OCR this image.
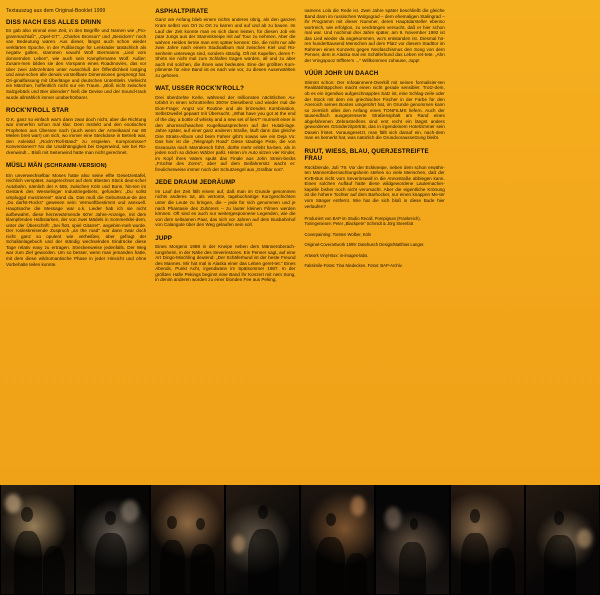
Textauszug aus dem Original-Booklet 1999

DISS NACH ESS ALLES DRINN

Es gab also einmal eine Zeit, in den Begriffe und Namen wie „Pro-grammachluß", „Opel-GT", „Charles Bronson" und „Benidorm" noch van Bedeutung waren. Aus dieser, längst auch schon wieder verklärten Epoche, in der Fußbezüge für Lenkräder tatsächlich als negativ galten, stammen sowohl Wolf Biermanns „Lied vom donnernden Leben", wie auch sein Kampfername Wolf. Außer: Zusam-men bilden sie den Vorspann eines Roadmovies, das vor über zwei Jahrzehnten unter Ausschluß der Öffentlichkeit lostging und anwi-schen alle denals vorstellbare Dimensionen gesprengt hat. Ori-ginalfassung mit Überlänge und deutschen Untertiteln. Vielleicht ein Märchen, hoffentlich nicht nur ein Traum. „Bloß nicht zwischen Salzgebäck und Bier abenden" hieß die Devise und der Sound-track wurde allmählich immer unüberhörbarer.

ROCK'N'ROLL STAR

O.K. ganz so einfach war's dann zwar doch nicht, aber die Richtung war immerhin schon mal klar: Dem Instinkt und den exotischen Propheten aus Übersee nach (auch wenn der Armeikanal nur 80 Meilen breit war!) um sich, wo immer eine Steckdose in Betrieb war, den Asleistid „Rock'n'Roll-Band" zu erspielen. Kompromisse? Konventionen? No da! Unabhängigkeit bei Gegenwind, wie bei Rü-ckenwind!... Bloß mit Seitenwind hatte man nicht gerechnet.

MÜSLI MÄN (SCHRAMM-VERSION)

Ein unverwechselbar Moses hatte also seine elfte Gesetzestafel, reichlich verspätet, ausgerechnet auf dem ältesten Stück deut-scher Autobahn, nämlich der A 555, zwischen Köln und Bonn, hin-ten im Gestank des Wesselinger Industriegebiets, gefunden: „Du sollst umpluggd musizieren!" stand da. Das muß die Geburtsstun-de des „Du darfst-Rocks" gewesen sein: Vernunftbestimmt und asexuell. Hauptsache die Message war o.k. Lieder hab ich sie nicht aufbewahrt, diese herzerwärmende 60'er Jahre-Anzeige, mit dem klampfenden Halbstarken, der von zwei Mädels in Sommerklei-dern, unter der Überschrift: „Sei flott, spiel Gitarre!", angebim-melt wurde. Der rosleskreisende Zuspruch „an the road" war dann zwar doch nicht ganz so opulent wie verheißen, aber gefragt der Schallanlagebuch und der ständig wechselnden Eindrücke diese Tage relativ easy zu ertragen. Streckenweise jedenfalls. Der Weg war zum Ziel geworden. Um so besser, wenn man jemanden hatte, mit dem diese wildromantische Phase in jeder Hinsicht und ohne Vorbehalte teilen konnte.

ASPHALTPIRATE

Ganz am Anfang blieb einem nichts anderes übrig, als den ganzen Kram selbst von Ort zu Ort zu karren und auf und ab zu bauen. Im Lauf der Zeit konnte man es sich dann leisten, für diesen Job ein paar Jungs aus der Stammkneipe mit auf Tour zu nehmen. Aber die wahren Helden lernte man erst später kennen: Die, die nicht nur alle zwei Jahre nach einem Studioalbum mal zwischen Kiel und Rü-senheim unterwegs sind, sondern ständig. Oft mit Kapellen, deren T-Shirts sie nicht mal zum Schlafen tragen würden, all und zu aber auch mit solchen, die ihnen was bedeuten. Eine der größten Kom-plimente für eine Band ist es nach wie vor, zu diesen Auserwählten zu gehören.

WAT, USSER ROCK'N'ROLL?

Drei überdrehte Kerle, während der millionsten nächtlichen Au-tofahrt in einen schrottreifen 300'er Dieselbenz und wieder mal die Eion-Frage: Angst vor Routine und als brizendes Kombination, Selbstzweifel gepaart mit Übersucht. „What have you got at the end of the day, a bottle of whisky and a new set of lies?" murmelt einer in den ahornsschwachen Kugelkautsprechern auf der Hutab-lage. Jahre später, auf einer ganz anderen Straße, läuft dann das gleiche Dire Straits-Album und beim Fahrer gibt's sowas wie ein Deja Vu: Das hier ist die „Telegraph Road" Diese staubige Piste, die von Essaouira nach Marrakesch führt, dürfte mehr erlebt ha-ben, als in jeden noch so dicken Wälzer paßt. Hinten im Auto sitzen vier Kinder, im Kopf ihres Vaters spukt das Finale aus John Strein-becks „Früchte des Zorns", aber auf dem Beifahrersitz wacht er: freulicherweise immer noch der Schutzengel aus „Grafbar non".

JEDE DRAUM JEDRÄUMP

Im Lauf der Zeit fällt einem auf, daß man im Grunde genommen nichts anderes tut, als vertonte, tagebuchartige Kurzgeschichten unter die Leute zu bringen, die – jede für sich genommen und je nach Phantasie des Zuhörers – zu lauter kleinen Filmen werden können. Oft sind es auch nur weitergesponnene Legenden, wie die von dem seltsamen Paar, das sich vor Jahren auf dem Busbahnhof von Calangute über den Weg gelaufen sein soll.

JUPP

Eines Morgens 1988 in der Kneipe neben dem Männerüberach-tungsheim, in der Nähe des Severinstores. Ein Penner sagt, auf eine Art Dingo-Mischling deutend: „Der Schäferhund ist der beste Freund des Mannes. Mir hat mal in Alaska einer das Leben geret-tet." Eines Abends, Punkt Acht, irgendwann im Spätsommer 1987. In der größten Halle Pekings beginnt eine Band ihr Konzert mit nem Song, in denim anderen worden zu einer blonden Fee aus Peking,

namens Lola die Rede ist. Zwei Jahre später beschließt die gleiche Band dann im russischen Wolgograd – dem ehemaligen Stalingrad – ihr Programm mit dieser Nummer, deren Hauptdarsteller ebenso wortreich, wie erfolglos, zu verdrängen versucht, daß er hier schon mal war. Und nochmal drei Jahre später, am 9. November 1992 ist das Lied wieder da angekommen, wo's entstanden ist. Diesmal hö-ren hunderttausend Menschen auf dem Platz vor diesem Stadttor im Rahmen eines Konzerts gegen Neofaschismus den Song von dem Penner, dem in Alaska mal ein Schäferhund das Leben ret-tete. „Ahn der Vringspooz trifftere'n ..." Willkommen zuhause, Jupp!

VÜÜR JOHR UN DAACH

Stimmt schon: Der Infotainment-Overkill mit seinen formalisier-ten Realitätshäppchen macht einen nicht gerade sensibler. Trotz-dem, ob es ein irgendwo aufgeschnapptes Satz ist, eine Schlag-zeile oder der Stock mit dem ein griechischer Fischer in der Farbe für den Aneroich seines Bootes umgerührt hat, im Grunde genommen kann so ziemlich alles den Anfang eines TONFILMS liefern. Auch der tausendfach ausgepresserte Straßensphalt am Rand eines abgefahrenen Zebrastreifens sind erst recht ein längst anders gewordenes Gründerzitpörträt, das in irgendeinem Hotelzimmer sein Dasein fristet. Vorausgesetzt, man fällt sich darauf ein, nach-dem man es bemerkt hat, was natürlich die Grundvoraussetzung bleibt.

RUUT, WIESS, BLAU, QUERJESTREIFTE FRAU

Rückblende, Juli '79. Vor der Eckkneipe, neben dem schon erwähn-ten Männerübernachtungsheim stehen so viele Menschen, daß der KVB-Bus nicht vom Severinswall in die Annostraße abbiegen kann. Einen solchen Auflauf hatte diese wildgewordene Lautemacher-kapelle bisher noch nicht verursacht. Aber die eigentliche Krönung ist die höhere Tochter auf dem Barhocker, nur einen knappen Me-ter vom Sänger entfernt. Wie hat die sich bloß in diese Bude hier verlaufen?

Produziert von BAP im Studio Recall, Pompignan (Frankreich), Toningenieure: Peter „Blackpete" Schmidt & Jörg Steenfatt

Coverpainting: Torsten Wolber, Köln

Original-Coverartwork 1999: Datebusch Design/Matthias Langer.

Artwork Vinyl-Box: in-images-labo.

Faksimile-Fotos: Tina Niedecken. Fotos: BAP-Archiv.
